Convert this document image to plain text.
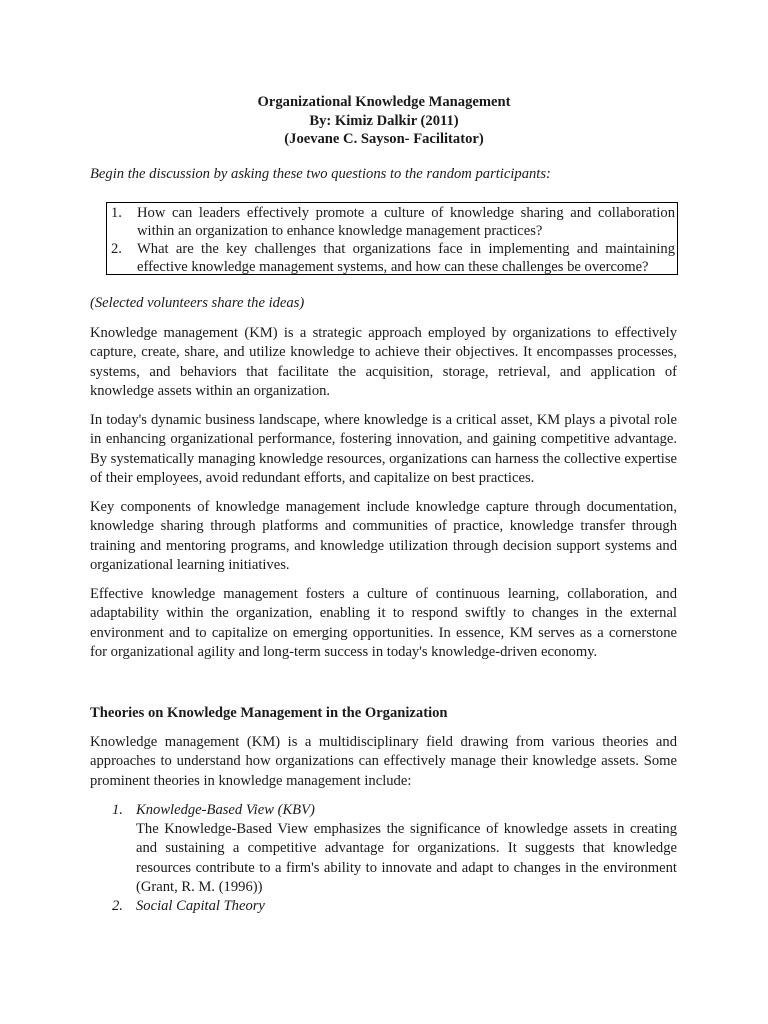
Organizational Knowledge Management
By: Kimiz Dalkir (2011)
(Joevane C. Sayson- Facilitator)
Begin the discussion by asking these two questions to the random participants:
1.	How can leaders effectively promote a culture of knowledge sharing and collaboration within an organization to enhance knowledge management practices?
2.	What are the key challenges that organizations face in implementing and maintaining effective knowledge management systems, and how can these challenges be overcome?

(Selected volunteers share the ideas)

Knowledge management (KM) is a strategic approach employed by organizations to effectively capture, create, share, and utilize knowledge to achieve their objectives. It encompasses processes, systems, and behaviors that facilitate the acquisition, storage, retrieval, and application of knowledge assets within an organization.

In today's dynamic business landscape, where knowledge is a critical asset, KM plays a pivotal role in enhancing organizational performance, fostering innovation, and gaining competitive advantage. By systematically managing knowledge resources, organizations can harness the collective expertise of their employees, avoid redundant efforts, and capitalize on best practices.

Key components of knowledge management include knowledge capture through documentation, knowledge sharing through platforms and communities of practice, knowledge transfer through training and mentoring programs, and knowledge utilization through decision support systems and organizational learning initiatives.

Effective knowledge management fosters a culture of continuous learning, collaboration, and adaptability within the organization, enabling it to respond swiftly to changes in the external environment and to capitalize on emerging opportunities. In essence, KM serves as a cornerstone for organizational agility and long-term success in today's knowledge-driven economy.

Theories on Knowledge Management in the Organization

Knowledge management (KM) is a multidisciplinary field drawing from various theories and approaches to understand how organizations can effectively manage their knowledge assets. Some prominent theories in knowledge management include:

1. Knowledge-Based View (KBV)
The Knowledge-Based View emphasizes the significance of knowledge assets in creating and sustaining a competitive advantage for organizations. It suggests that knowledge resources contribute to a firm's ability to innovate and adapt to changes in the environment (Grant, R. M. (1996))
2. Social Capital Theory
